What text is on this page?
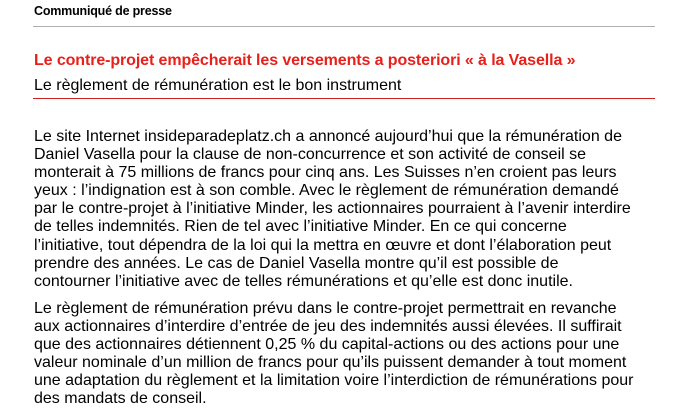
Communiqué de presse
Le contre-projet empêcherait les versements a posteriori « à la Vasella »
Le règlement de rémunération est le bon instrument

Le site Internet insideparadeplatz.ch a annoncé aujourd’hui que la rémunération de
Daniel Vasella pour la clause de non-concurrence et son activité de conseil se
monterait à 75 millions de francs pour cinq ans. Les Suisses n’en croient pas leurs
yeux : l’indignation est à son comble. Avec le règlement de rémunération demandé
par le contre-projet à l’initiative Minder, les actionnaires pourraient à l’avenir interdire
de telles indemnités. Rien de tel avec l’initiative Minder. En ce qui concerne
l’initiative, tout dépendra de la loi qui la mettra en œuvre et dont l’élaboration peut
prendre des années. Le cas de Daniel Vasella montre qu’il est possible de
contourner l’initiative avec de telles rémunérations et qu’elle est donc inutile.

Le règlement de rémunération prévu dans le contre-projet permettrait en revanche
aux actionnaires d’interdire d’entrée de jeu des indemnités aussi élevées. Il suffirait
que des actionnaires détiennent 0,25 % du capital-actions ou des actions pour une
valeur nominale d’un million de francs pour qu’ils puissent demander à tout moment
une adaptation du règlement et la limitation voire l’interdiction de rémunérations pour
des mandats de conseil.
